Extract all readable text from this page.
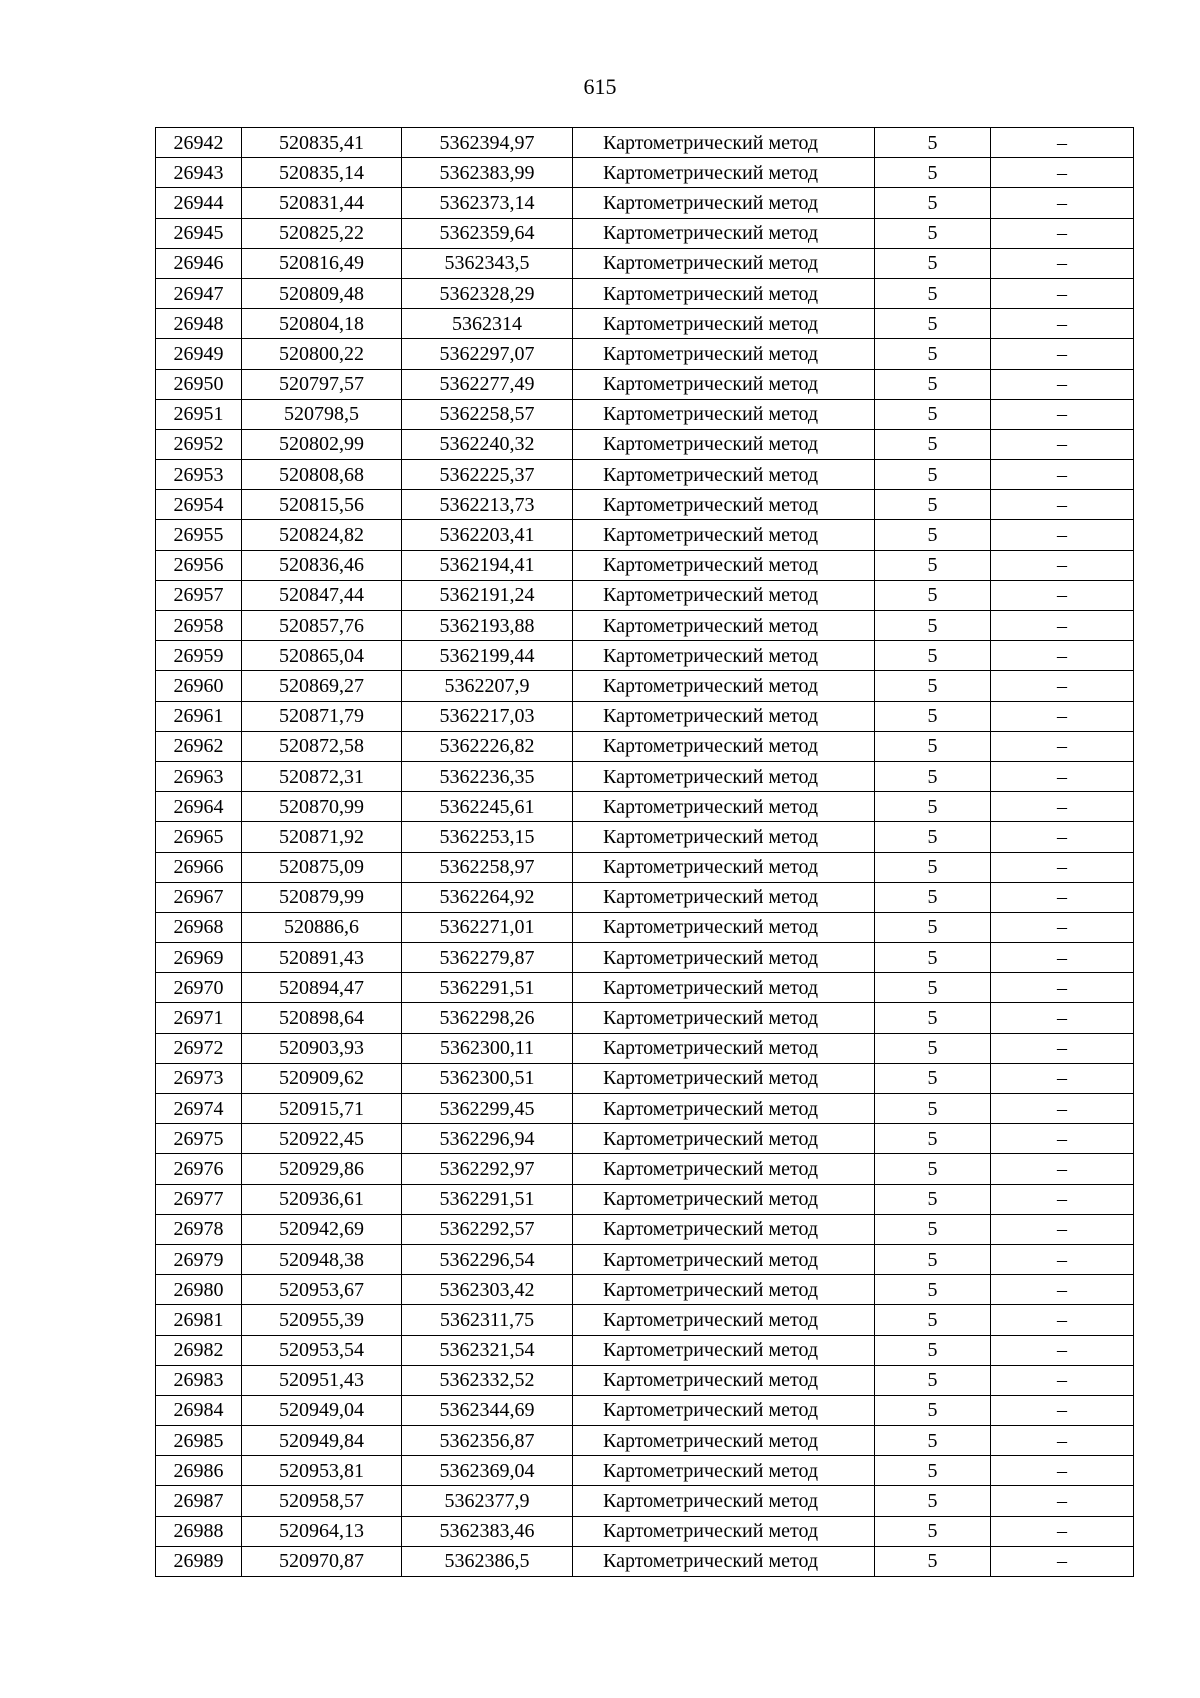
615
26942	520835,41	5362394,97	Картометрический метод	5	–
26943	520835,14	5362383,99	Картометрический метод	5	–
26944	520831,44	5362373,14	Картометрический метод	5	–
26945	520825,22	5362359,64	Картометрический метод	5	–
26946	520816,49	5362343,5	Картометрический метод	5	–
26947	520809,48	5362328,29	Картометрический метод	5	–
26948	520804,18	5362314	Картометрический метод	5	–
26949	520800,22	5362297,07	Картометрический метод	5	–
26950	520797,57	5362277,49	Картометрический метод	5	–
26951	520798,5	5362258,57	Картометрический метод	5	–
26952	520802,99	5362240,32	Картометрический метод	5	–
26953	520808,68	5362225,37	Картометрический метод	5	–
26954	520815,56	5362213,73	Картометрический метод	5	–
26955	520824,82	5362203,41	Картометрический метод	5	–
26956	520836,46	5362194,41	Картометрический метод	5	–
26957	520847,44	5362191,24	Картометрический метод	5	–
26958	520857,76	5362193,88	Картометрический метод	5	–
26959	520865,04	5362199,44	Картометрический метод	5	–
26960	520869,27	5362207,9	Картометрический метод	5	–
26961	520871,79	5362217,03	Картометрический метод	5	–
26962	520872,58	5362226,82	Картометрический метод	5	–
26963	520872,31	5362236,35	Картометрический метод	5	–
26964	520870,99	5362245,61	Картометрический метод	5	–
26965	520871,92	5362253,15	Картометрический метод	5	–
26966	520875,09	5362258,97	Картометрический метод	5	–
26967	520879,99	5362264,92	Картометрический метод	5	–
26968	520886,6	5362271,01	Картометрический метод	5	–
26969	520891,43	5362279,87	Картометрический метод	5	–
26970	520894,47	5362291,51	Картометрический метод	5	–
26971	520898,64	5362298,26	Картометрический метод	5	–
26972	520903,93	5362300,11	Картометрический метод	5	–
26973	520909,62	5362300,51	Картометрический метод	5	–
26974	520915,71	5362299,45	Картометрический метод	5	–
26975	520922,45	5362296,94	Картометрический метод	5	–
26976	520929,86	5362292,97	Картометрический метод	5	–
26977	520936,61	5362291,51	Картометрический метод	5	–
26978	520942,69	5362292,57	Картометрический метод	5	–
26979	520948,38	5362296,54	Картометрический метод	5	–
26980	520953,67	5362303,42	Картометрический метод	5	–
26981	520955,39	5362311,75	Картометрический метод	5	–
26982	520953,54	5362321,54	Картометрический метод	5	–
26983	520951,43	5362332,52	Картометрический метод	5	–
26984	520949,04	5362344,69	Картометрический метод	5	–
26985	520949,84	5362356,87	Картометрический метод	5	–
26986	520953,81	5362369,04	Картометрический метод	5	–
26987	520958,57	5362377,9	Картометрический метод	5	–
26988	520964,13	5362383,46	Картометрический метод	5	–
26989	520970,87	5362386,5	Картометрический метод	5	–
